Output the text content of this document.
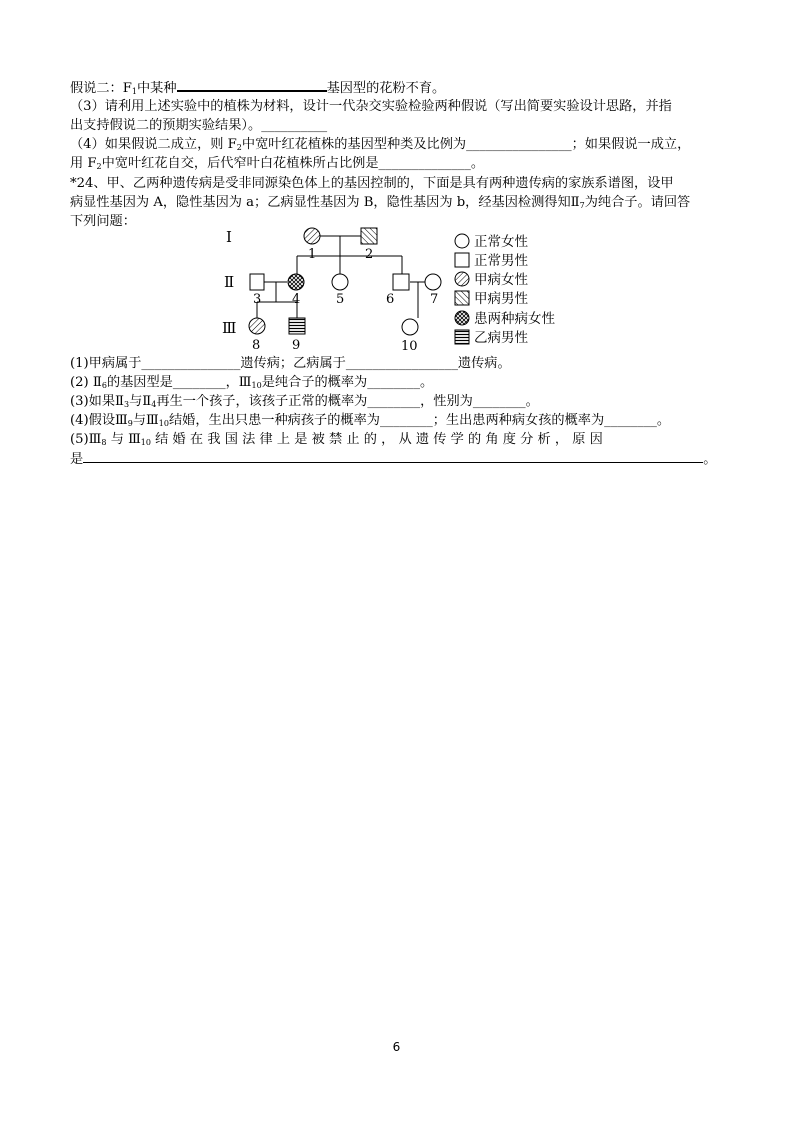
假说二：$F_1$中某种	基因型的花粉不育。
（3）请利用上述实验中的植株为材料，设计一代杂交实验检验两种假说（写出简要实验设计思路，并指
出支持假说二的预期实验结果）。__________
（4）如果假说二成立，则 $F_2$中宽叶红花植株的基因型种类及比例为________________；如果假说一成立，
用 $F_2$中宽叶红花自交，后代窄叶白花植株所占比例是______________。
*24、甲、乙两种遗传病是受非同源染色体上的基因控制的，下面是具有两种遗传病的家族系谱图，设甲
病显性基因为 A，隐性基因为 a；乙病显性基因为 B，隐性基因为 b，经基因检测得知$Ⅱ_7$为纯合子。请回答
下列问题：
Ⅰ
Ⅱ
Ⅲ
1	2
3 4	5	6	7
8 9	10
正常女性
正常男性
甲病女性
甲病男性
患两种病女性
乙病男性
(1)甲病属于_______________遗传病；乙病属于_________________遗传病。
(2) $Ⅱ_6$的基因型是________，$Ⅲ_{10}$是纯合子的概率为________。
(3)如果$Ⅱ_3$与$Ⅱ_4$再生一个孩子，该孩子正常的概率为________，性别为________。
(4)假设$Ⅲ_9$与$Ⅲ_{10}$结婚，生出只患一种病孩子的概率为________；生出患两种病女孩的概率为________。
$(5)Ⅲ_8$ 与 $Ⅲ_{10}$ 结 婚 在 我 国 法 律 上 是 被 禁 止 的 ， 从 遗 传 学 的 角 度 分 析 ， 原 因
是	。
6
